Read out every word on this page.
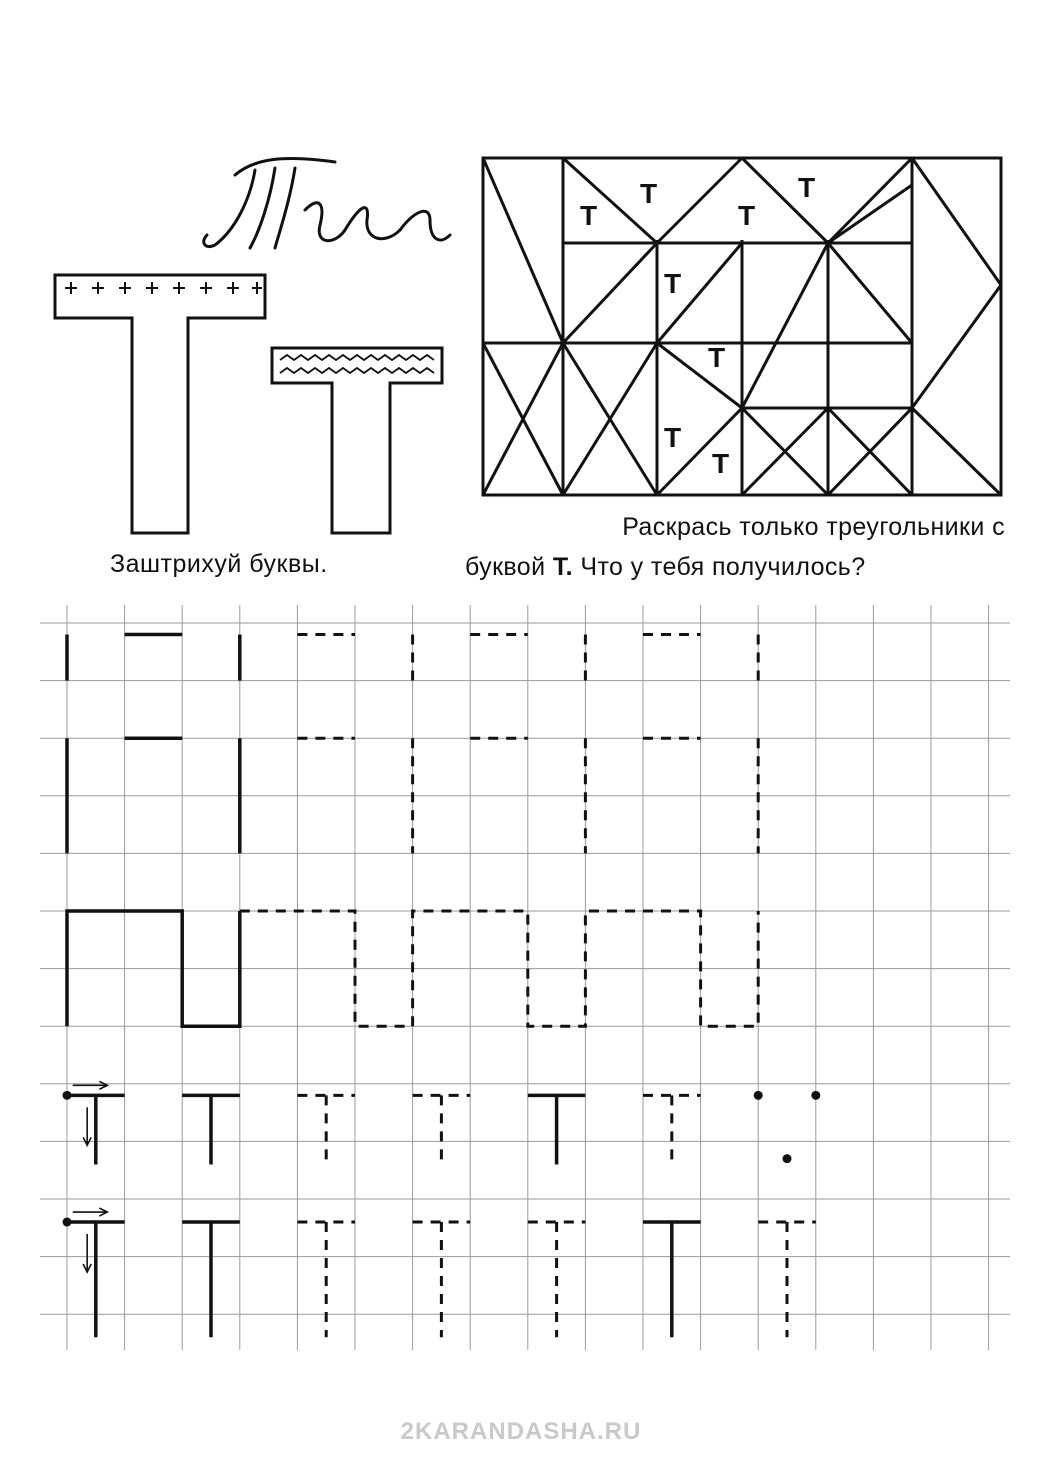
Т
Т
Т
Т
Т
Т
Т
Т
Заштрихуй буквы.
Раскрась только треугольники с
буквой Т. Что у тебя получилось?
2KARANDASHA.RU
